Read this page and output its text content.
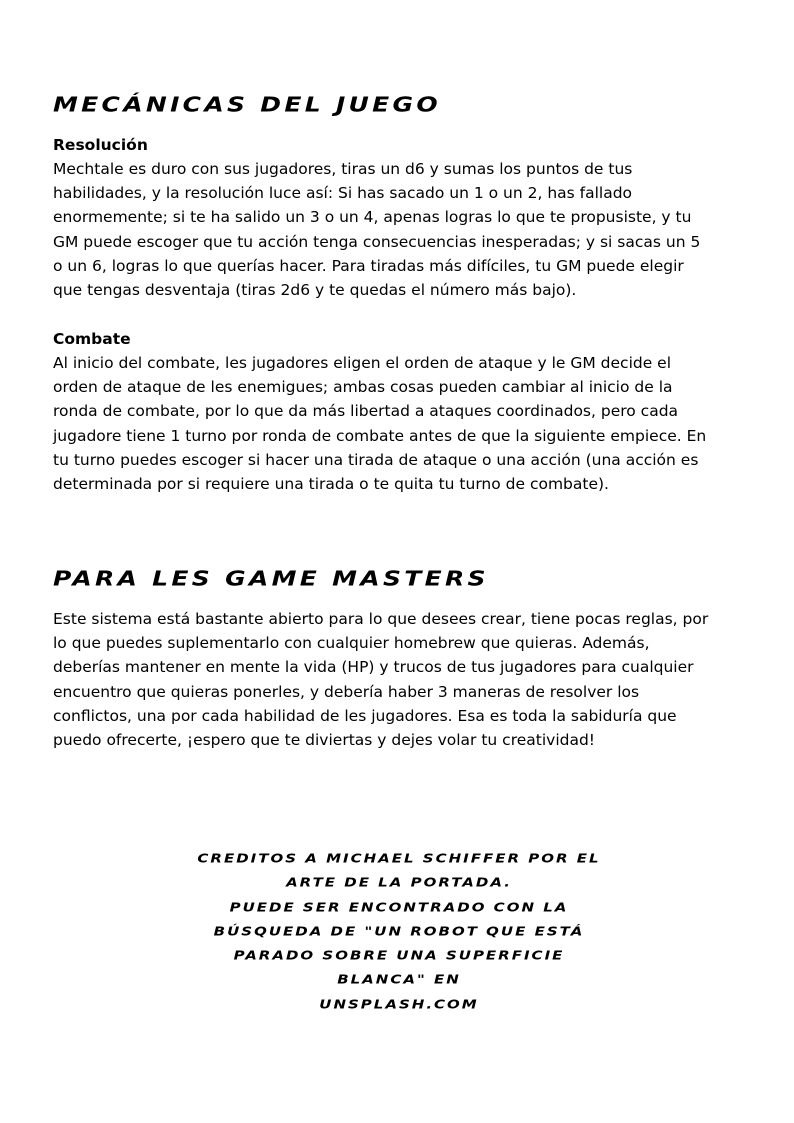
MECÁNICAS DEL JUEGO
Resolución

Mechtale es duro con sus jugadores, tiras un d6 y sumas los puntos de tus
habilidades, y la resolución luce así: Si has sacado un 1 o un 2, has fallado
enormemente; si te ha salido un 3 o un 4, apenas logras lo que te propusiste, y tu
GM puede escoger que tu acción tenga consecuencias inesperadas; y si sacas un 5
o un 6, logras lo que querías hacer. Para tiradas más difíciles, tu GM puede elegir
que tengas desventaja (tiras 2d6 y te quedas el número más bajo).

Combate

Al inicio del combate, les jugadores eligen el orden de ataque y le GM decide el
orden de ataque de les enemigues; ambas cosas pueden cambiar al inicio de la
ronda de combate, por lo que da más libertad a ataques coordinados, pero cada
jugadore tiene 1 turno por ronda de combate antes de que la siguiente empiece. En
tu turno puedes escoger si hacer una tirada de ataque o una acción (una acción es
determinada por si requiere una tirada o te quita tu turno de combate).

PARA LES GAME MASTERS

Este sistema está bastante abierto para lo que desees crear, tiene pocas reglas, por
lo que puedes suplementarlo con cualquier homebrew que quieras. Además,
deberías mantener en mente la vida (HP) y trucos de tus jugadores para cualquier
encuentro que quieras ponerles, y debería haber 3 maneras de resolver los
conflictos, una por cada habilidad de les jugadores. Esa es toda la sabiduría que
puedo ofrecerte, ¡espero que te diviertas y dejes volar tu creatividad!

CREDITOS A MICHAEL SCHIFFER POR EL
ARTE DE LA PORTADA.
PUEDE SER ENCONTRADO CON LA
BÚSQUEDA DE "UN ROBOT QUE ESTÁ
PARADO SOBRE UNA SUPERFICIE
BLANCA" EN
UNSPLASH.COM
